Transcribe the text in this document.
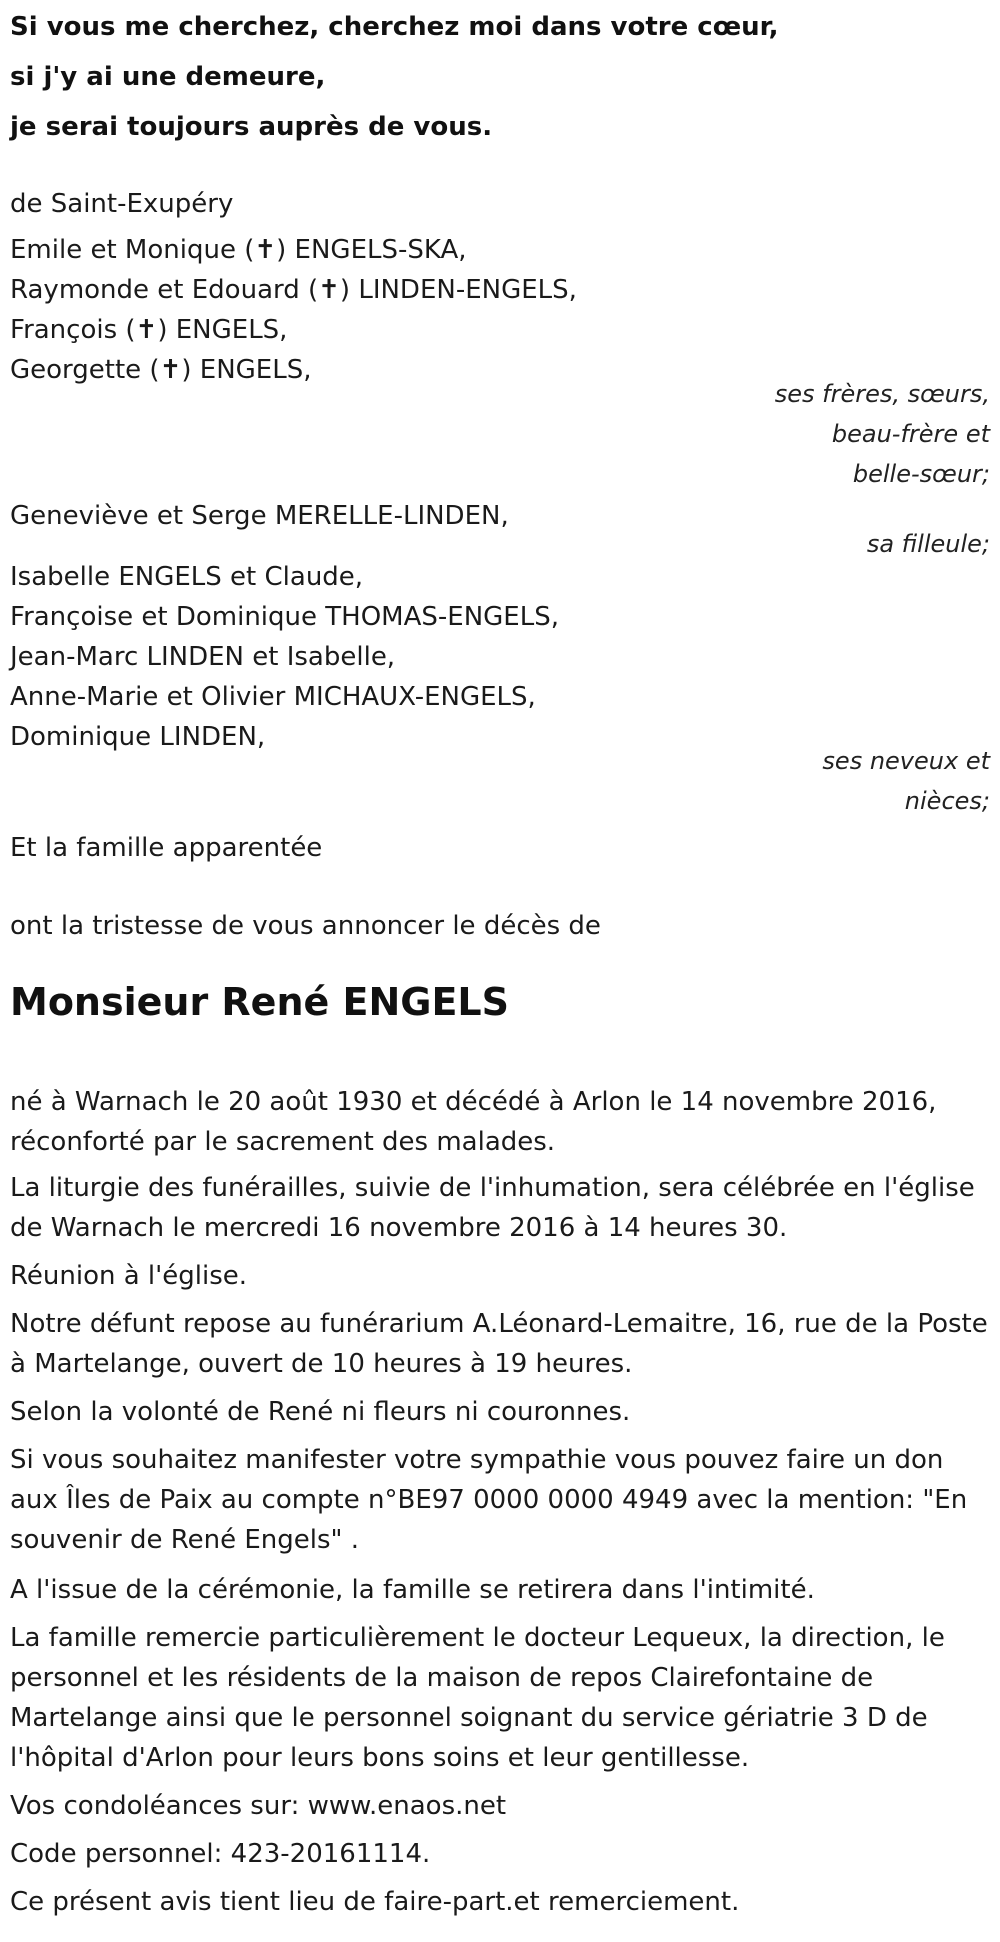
Si vous me cherchez, cherchez moi dans votre cœur,
si j'y ai une demeure,
je serai toujours auprès de vous.

de Saint-Exupéry

Emile et Monique (✝) ENGELS-SKA,

Raymonde et Edouard (✝) LINDEN-ENGELS,

François (✝) ENGELS,

Georgette (✝) ENGELS,

ses frères, sœurs,
beau-frère et
belle-sœur;

Geneviève et Serge MERELLE-LINDEN,

sa filleule;

Isabelle ENGELS et Claude,

Françoise et Dominique THOMAS-ENGELS,

Jean-Marc LINDEN et Isabelle,

Anne-Marie et Olivier MICHAUX-ENGELS,

Dominique LINDEN,

ses neveux et
nièces;

Et la famille apparentée

ont la tristesse de vous annoncer le décès de

Monsieur René ENGELS

né à Warnach le 20 août 1930 et décédé à Arlon le 14 novembre 2016, réconforté par le sacrement des malades.

La liturgie des funérailles, suivie de l'inhumation, sera célébrée en l'église de Warnach le mercredi 16 novembre 2016 à 14 heures 30.

Réunion à l'église.

Notre défunt repose au funérarium A.Léonard-Lemaitre, 16, rue de la Poste à Martelange, ouvert de 10 heures à 19 heures.

Selon la volonté de René ni fleurs ni couronnes.

Si vous souhaitez manifester votre sympathie vous pouvez faire un don aux Îles de Paix au compte n°BE97 0000 0000 4949 avec la mention: "En souvenir de René Engels" .

A l'issue de la cérémonie, la famille se retirera dans l'intimité.

La famille remercie particulièrement le docteur Lequeux, la direction, le personnel et les résidents de la maison de repos Clairefontaine de Martelange ainsi que le personnel soignant du service gériatrie 3 D de l'hôpital d'Arlon pour leurs bons soins et leur gentillesse.

Vos condoléances sur: www.enaos.net

Code personnel: 423-20161114.

Ce présent avis tient lieu de faire-part.et remerciement.
